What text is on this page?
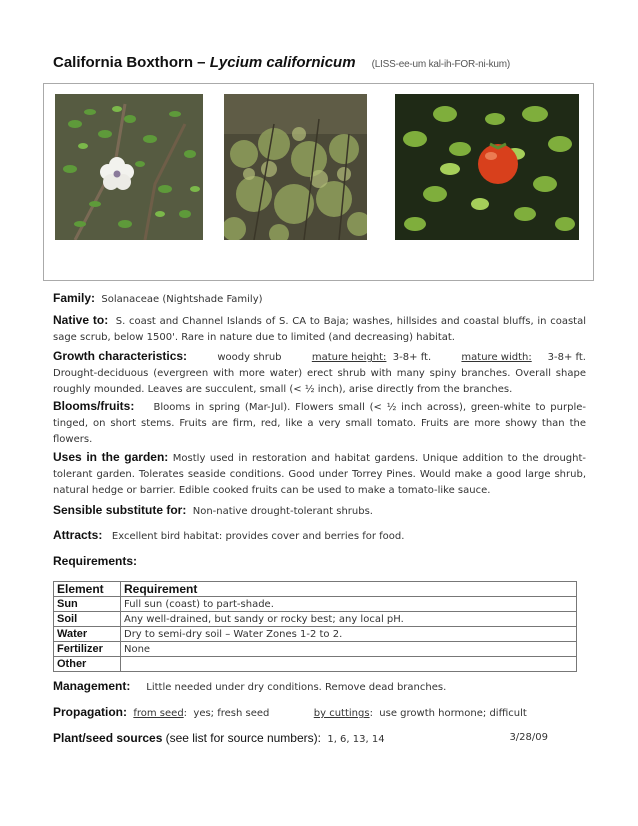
California Boxthorn – Lycium californicum (LISS-ee-um kal-ih-FOR-ni-kum)
Family: Solanaceae (Nightshade Family)
Native to: S. coast and Channel Islands of S. CA to Baja; washes, hillsides and coastal bluffs, in coastal sage scrub, below 1500'. Rare in nature due to limited (and decreasing) habitat.
Growth characteristics:	woody shrub	mature height: 3-8+ ft.	mature width: 3-8+ ft.
Drought-deciduous (evergreen with more water) erect shrub with many spiny branches. Overall shape roughly mounded. Leaves are succulent, small (< ½ inch), arise directly from the branches.
Blooms/fruits: Blooms in spring (Mar-Jul). Flowers small (< ½ inch across), green-white to purple-tinged, on short stems. Fruits are firm, red, like a very small tomato. Fruits are more showy than the flowers.
Uses in the garden: Mostly used in restoration and habitat gardens. Unique addition to the drought-tolerant garden. Tolerates seaside conditions. Good under Torrey Pines. Would make a good large shrub, natural hedge or barrier. Edible cooked fruits can be used to make a tomato-like sauce.
Sensible substitute for: Non-native drought-tolerant shrubs.
Attracts: Excellent bird habitat: provides cover and berries for food.
Requirements:
Element	Requirement
Sun	Full sun (coast) to part-shade.
Soil	Any well-drained, but sandy or rocky best; any local pH.
Water	Dry to semi-dry soil – Water Zones 1-2 to 2.
Fertilizer	None
Other	
Management: Little needed under dry conditions. Remove dead branches.
Propagation: from seed:  yes; fresh seed	by cuttings:  use growth hormone; difficult
Plant/seed sources (see list for source numbers): 1, 6, 13, 14	3/28/09
